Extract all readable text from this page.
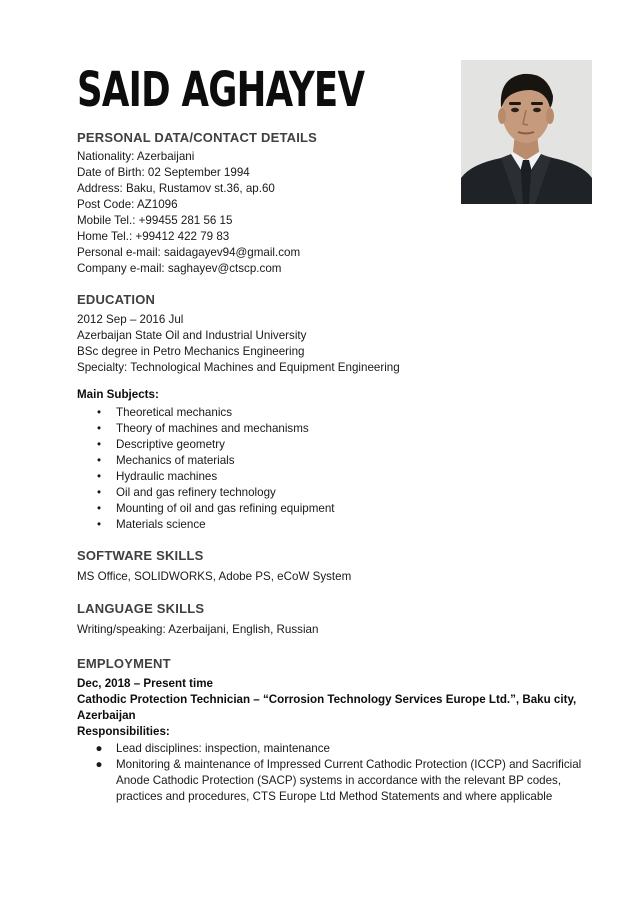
SAID AGHAYEV
PERSONAL DATA/CONTACT DETAILS
Nationality: Azerbaijani
Date of Birth: 02 September 1994
Address: Baku, Rustamov st.36, ap.60
Post Code: AZ1096
Mobile Tel.: +99455 281 56 15
Home Tel.: +99412 422 79 83
Personal e-mail: saidagayev94@gmail.com
Company e-mail: saghayev@ctscp.com
EDUCATION
2012 Sep – 2016 Jul
Azerbaijan State Oil and Industrial University
BSc degree in Petro Mechanics Engineering
Specialty: Technological Machines and Equipment Engineering
Main Subjects:
• Theoretical mechanics
• Theory of machines and mechanisms
• Descriptive geometry
• Mechanics of materials
• Hydraulic machines
• Oil and gas refinery technology
• Mounting of oil and gas refining equipment
• Materials science
SOFTWARE SKILLS
MS Office, SOLIDWORKS, Adobe PS, eCoW System
LANGUAGE SKILLS
Writing/speaking: Azerbaijani, English, Russian
EMPLOYMENT
Dec, 2018 – Present time
Cathodic Protection Technician – “Corrosion Technology Services Europe Ltd.”, Baku city,
Azerbaijan
Responsibilities:
● Lead disciplines: inspection, maintenance
● Monitoring & maintenance of Impressed Current Cathodic Protection (ICCP) and Sacrificial Anode Cathodic Protection (SACP) systems in accordance with the relevant BP codes, practices and procedures, CTS Europe Ltd Method Statements and where applicable
